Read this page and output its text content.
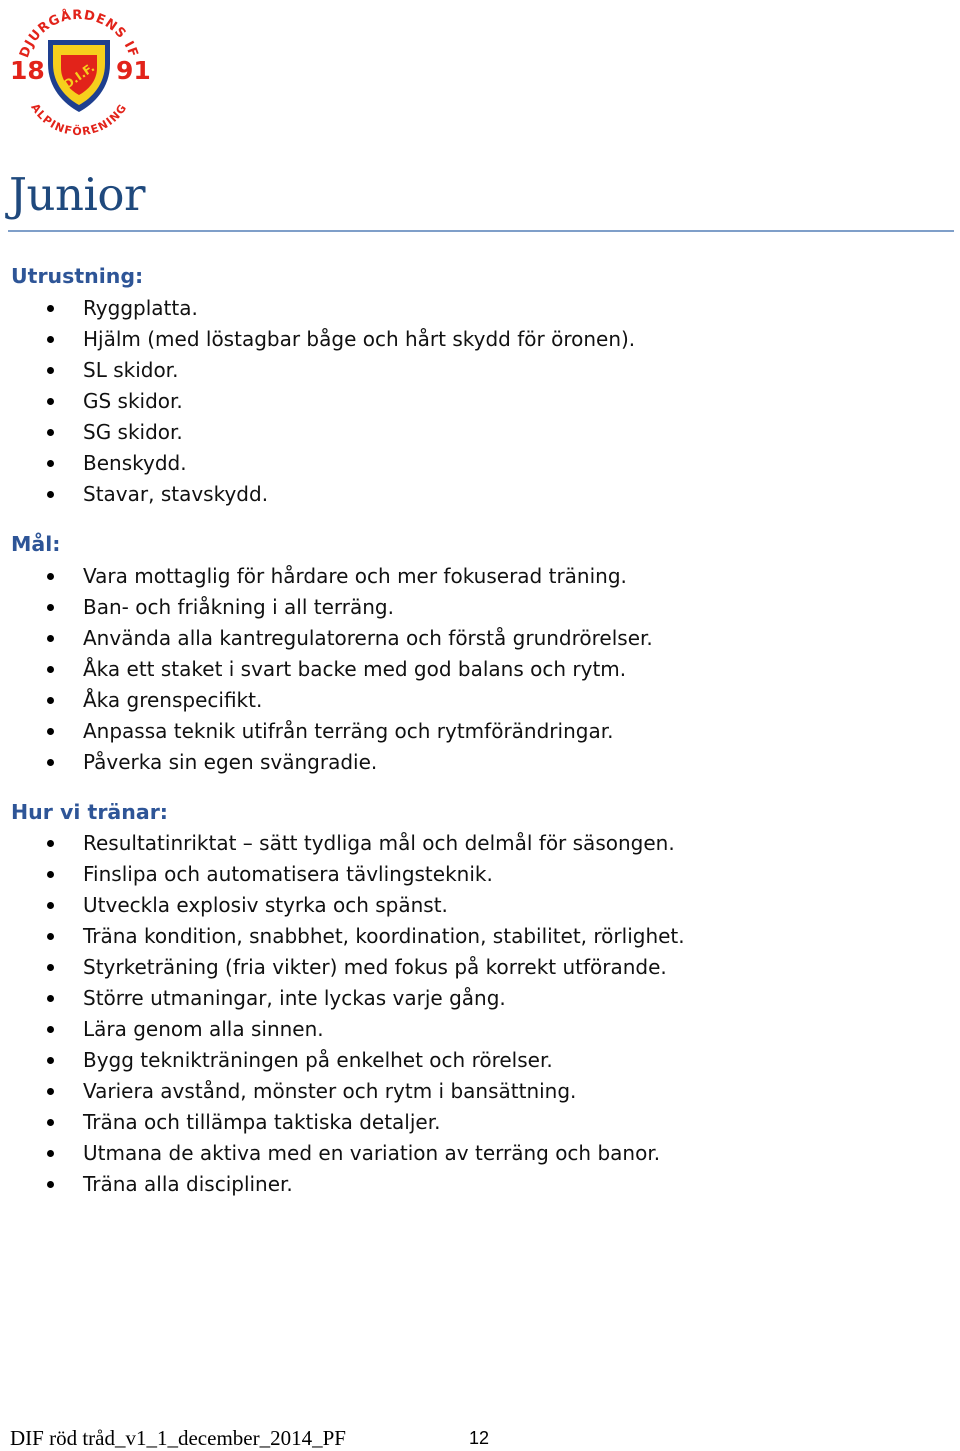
DJURGÅRDENS IF
ALPINFÖRENING
18	91
D.I.F.
Junior
Utrustning:
Ryggplatta.
Hjälm (med löstagbar båge och hårt skydd för öronen).
SL skidor.
GS skidor.
SG skidor.
Benskydd.
Stavar, stavskydd.
Mål:
Vara mottaglig för hårdare och mer fokuserad träning.
Ban- och friåkning i all terräng.
Använda alla kantregulatorerna och förstå grundrörelser.
Åka ett staket i svart backe med god balans och rytm.
Åka grenspecifikt.
Anpassa teknik utifrån terräng och rytmförändringar.
Påverka sin egen svängradie.
Hur vi tränar:
Resultatinriktat – sätt tydliga mål och delmål för säsongen.
Finslipa och automatisera tävlingsteknik.
Utveckla explosiv styrka och spänst.
Träna kondition, snabbhet, koordination, stabilitet, rörlighet.
Styrketräning (fria vikter) med fokus på korrekt utförande.
Större utmaningar, inte lyckas varje gång.
Lära genom alla sinnen.
Bygg teknikträningen på enkelhet och rörelser.
Variera avstånd, mönster och rytm i bansättning.
Träna och tillämpa taktiska detaljer.
Utmana de aktiva med en variation av terräng och banor.
Träna alla discipliner.
DIF röd tråd_v1_1_december_2014_PF	12
